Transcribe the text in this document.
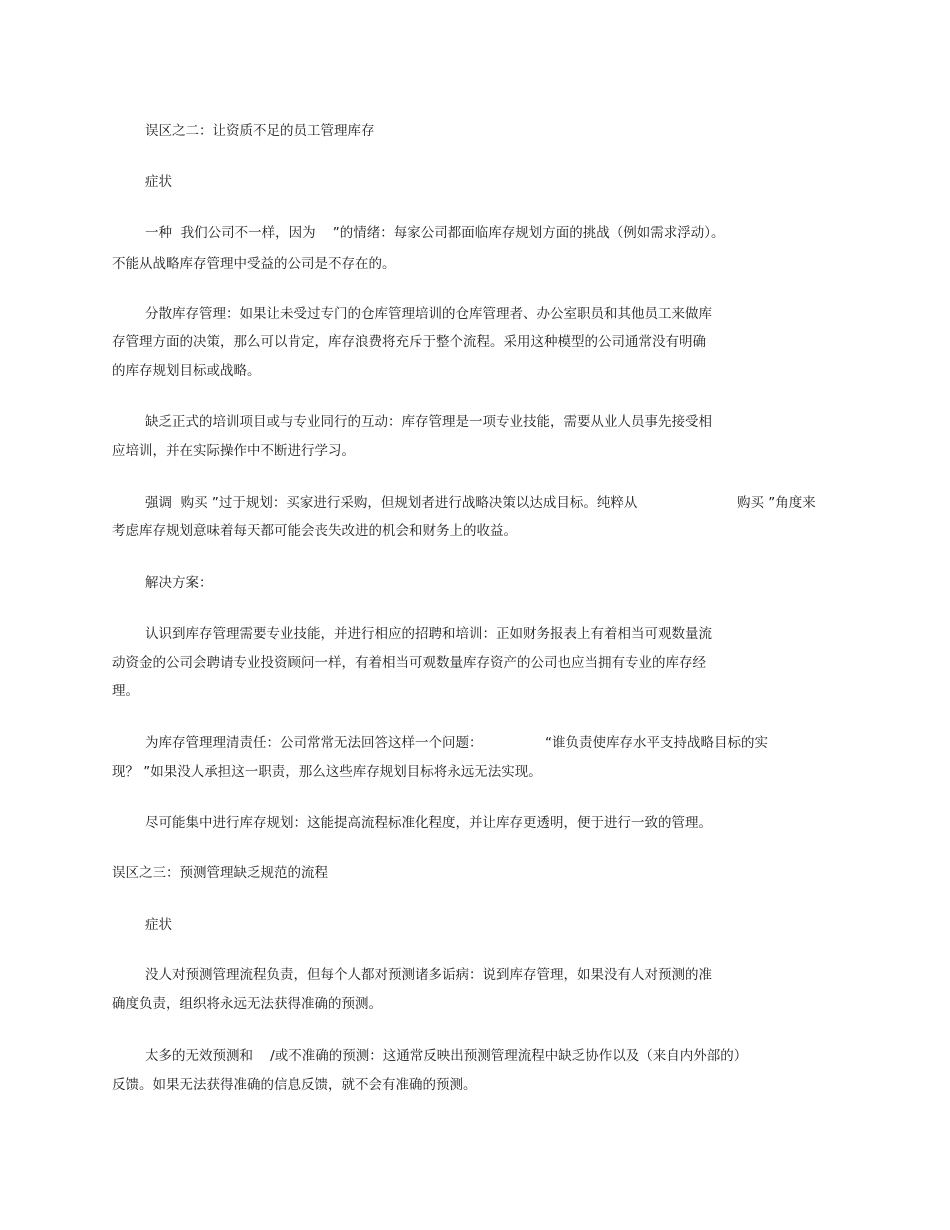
误区之二：让资质不足的员工管理库存
症状
一种  我们公司不一样，因为    ”的情绪：每家公司都面临库存规划方面的挑战（例如需求浮动）。
不能从战略库存管理中受益的公司是不存在的。
分散库存管理：如果让未受过专门的仓库管理培训的仓库管理者、办公室职员和其他员工来做库
存管理方面的决策，那么可以肯定，库存浪费将充斥于整个流程。采用这种模型的公司通常没有明确
的库存规划目标或战略。
缺乏正式的培训项目或与专业同行的互动：库存管理是一项专业技能，需要从业人员事先接受相
应培训，并在实际操作中不断进行学习。
强调  购买 ”过于规划：买家进行采购，但规划者进行战略决策以达成目标。纯粹从	购买 ”角度来
考虑库存规划意味着每天都可能会丧失改进的机会和财务上的收益。
解决方案：
认识到库存管理需要专业技能，并进行相应的招聘和培训：正如财务报表上有着相当可观数量流
动资金的公司会聘请专业投资顾问一样，有着相当可观数量库存资产的公司也应当拥有专业的库存经
理。
为库存管理理清责任：公司常常无法回答这样一个问题：	“谁负责使库存水平支持战略目标的实
现？ ”如果没人承担这一职责，那么这些库存规划目标将永远无法实现。
尽可能集中进行库存规划：这能提高流程标准化程度，并让库存更透明，便于进行一致的管理。
误区之三：预测管理缺乏规范的流程
症状
没人对预测管理流程负责，但每个人都对预测诸多诟病：说到库存管理，如果没有人对预测的准
确度负责，组织将永远无法获得准确的预测。
太多的无效预测和    /或不准确的预测：这通常反映出预测管理流程中缺乏协作以及（来自内外部的）
反馈。如果无法获得准确的信息反馈，就不会有准确的预测。
